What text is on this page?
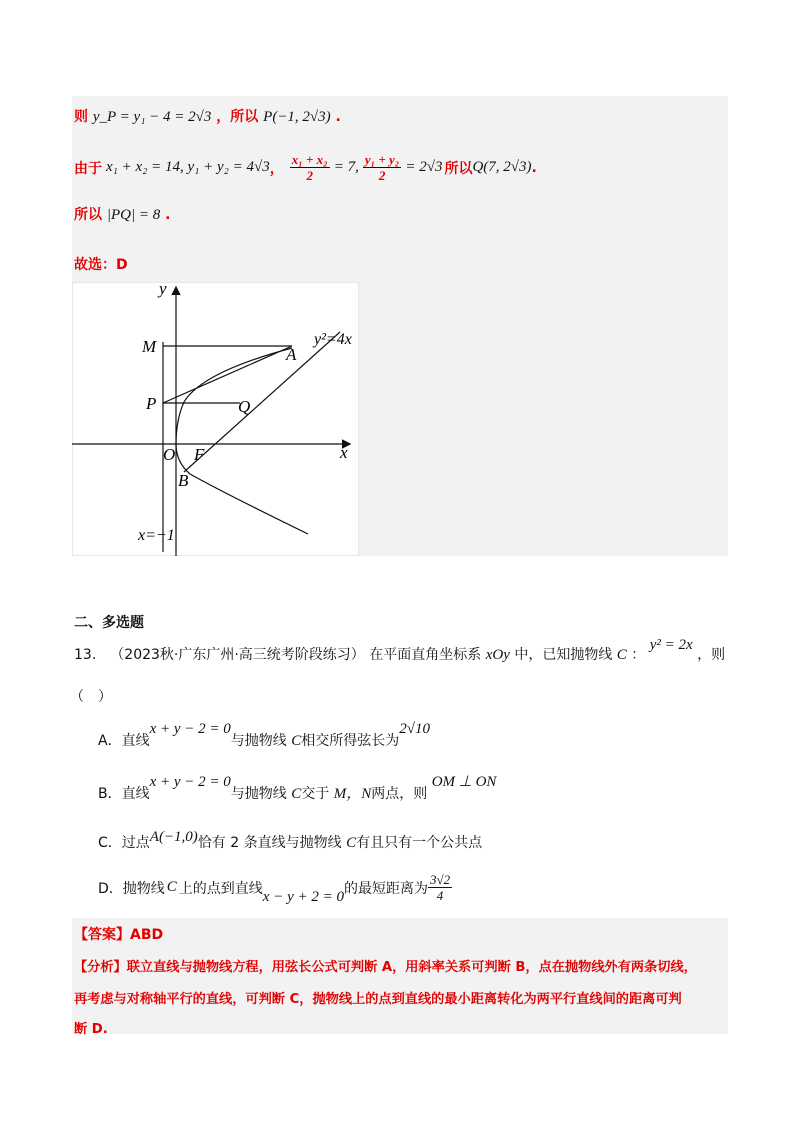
则 y_P = y₁ − 4 = 2√3 ，所以 P(−1, 2√3) .
由于 x₁ + x₂ = 14, y₁ + y₂ = 4√3 ， $\frac{\text{x₁ + x₂}}{2} = 7$, $\frac{\text{y₁ + y₂}}{2} = 2√3$ 所以 Q(7, 2√3) .
所以 |PQ| = 8 .
故选：D
y
x
y²=4x
x=−1
M	A
P	Q
O F
B
二、多选题
13． （2023秋·广东广州·高三统考阶段练习） 在平面直角坐标系 xOy 中，已知抛物线 C ： y² = 2x ，则
（　）
A．直线x + y − 2 = 0与抛物线 C相交所得弦长为2√10
B．直线x + y − 2 = 0与抛物线 C交于 M，N两点，则 OM ⊥ ON
C．过点A(−1,0)恰有 2 条直线与抛物线 C有且只有一个公共点
D．抛物线 C 上的点到直线
x − y + 2 = 0
的最短距离为 $\frac{3√2}{4}$
【答案】ABD
【分析】联立直线与抛物线方程，用弦长公式可判断 A，用斜率关系可判断 B，点在抛物线外有两条切线，
再考虑与对称轴平行的直线，可判断 C，抛物线上的点到直线的最小距离转化为两平行直线间的距离可判
断 D.
